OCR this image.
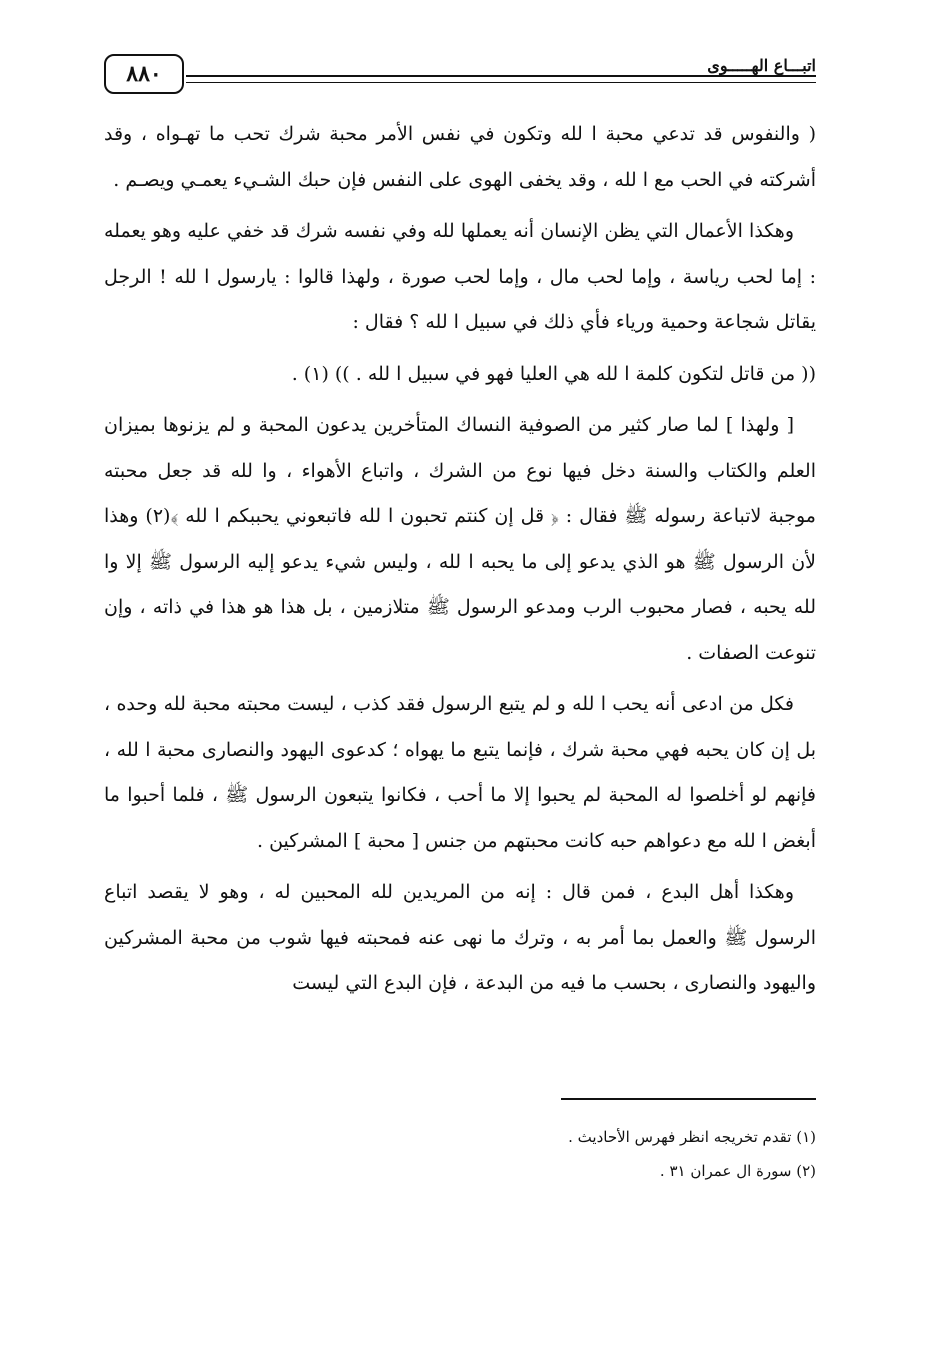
٨٨٠	اتبـــاع الهـــــوى

( والنفوس قد تدعي محبة ا لله وتكون في نفس الأمر محبة شرك تحب ما تهـواه ، وقد أشركته في الحب مع ا لله ، وقد يخفى الهوى على النفس فإن حبك الشـيء يعمـي ويصـم .

وهكذا الأعمال التي يظن الإنسان أنه يعملها لله وفي نفسه شرك قد خفي عليه وهو يعمله : إما لحب رياسة ، وإما لحب مال ، وإما لحب صورة ، ولهذا قالوا : يارسول ا لله ! الرجل يقاتل شجاعة وحمية ورياء فأي ذلك في سبيل ا لله ؟ فقال :

(( من قاتل لتكون كلمة ا لله هي العليا فهو في سبيل ا لله . )) (١) .

[ ولهذا ] لما صار كثير من الصوفية النساك المتأخرين يدعون المحبة و لم يزنوها بميزان العلم والكتاب والسنة دخل فيها نوع من الشرك ، واتباع الأهواء ، وا لله قد جعل محبته موجبة لاتباعة رسوله ﷺ فقال : ﴿ قل إن كنتم تحبون ا لله فاتبعوني يحببكم ا لله ﴾(٢) وهذا لأن الرسول ﷺ هو الذي يدعو إلى ما يحبه ا لله ، وليس شيء يدعو إليه الرسول ﷺ إلا وا لله يحبه ، فصار محبوب الرب ومدعو الرسول ﷺ متلازمين ، بل هذا هو هذا في ذاته ، وإن تنوعت الصفات .

فكل من ادعى أنه يحب ا لله و لم يتبع الرسول فقد كذب ، ليست محبته محبة لله وحده ، بل إن كان يحبه فهي محبة شرك ، فإنما يتبع ما يهواه ؛ كدعوى اليهود والنصارى محبة ا لله ، فإنهم لو أخلصوا له المحبة لم يحبوا إلا ما أحب ، فكانوا يتبعون الرسول ﷺ ، فلما أحبوا ما أبغض ا لله مع دعواهم حبه كانت محبتهم من جنس [ محبة ] المشركين .

وهكذا أهل البدع ، فمن قال : إنه من المريدين لله المحبين له ، وهو لا يقصد اتباع الرسول ﷺ والعمل بما أمر به ، وترك ما نهى عنه فمحبته فيها شوب من محبة المشركين واليهود والنصارى ، بحسب ما فيه من البدعة ، فإن البدع التي ليست

(١) تقدم تخريجه انظر فهرس الأحاديث .

(٢) سورة ال عمران ٣١ .
